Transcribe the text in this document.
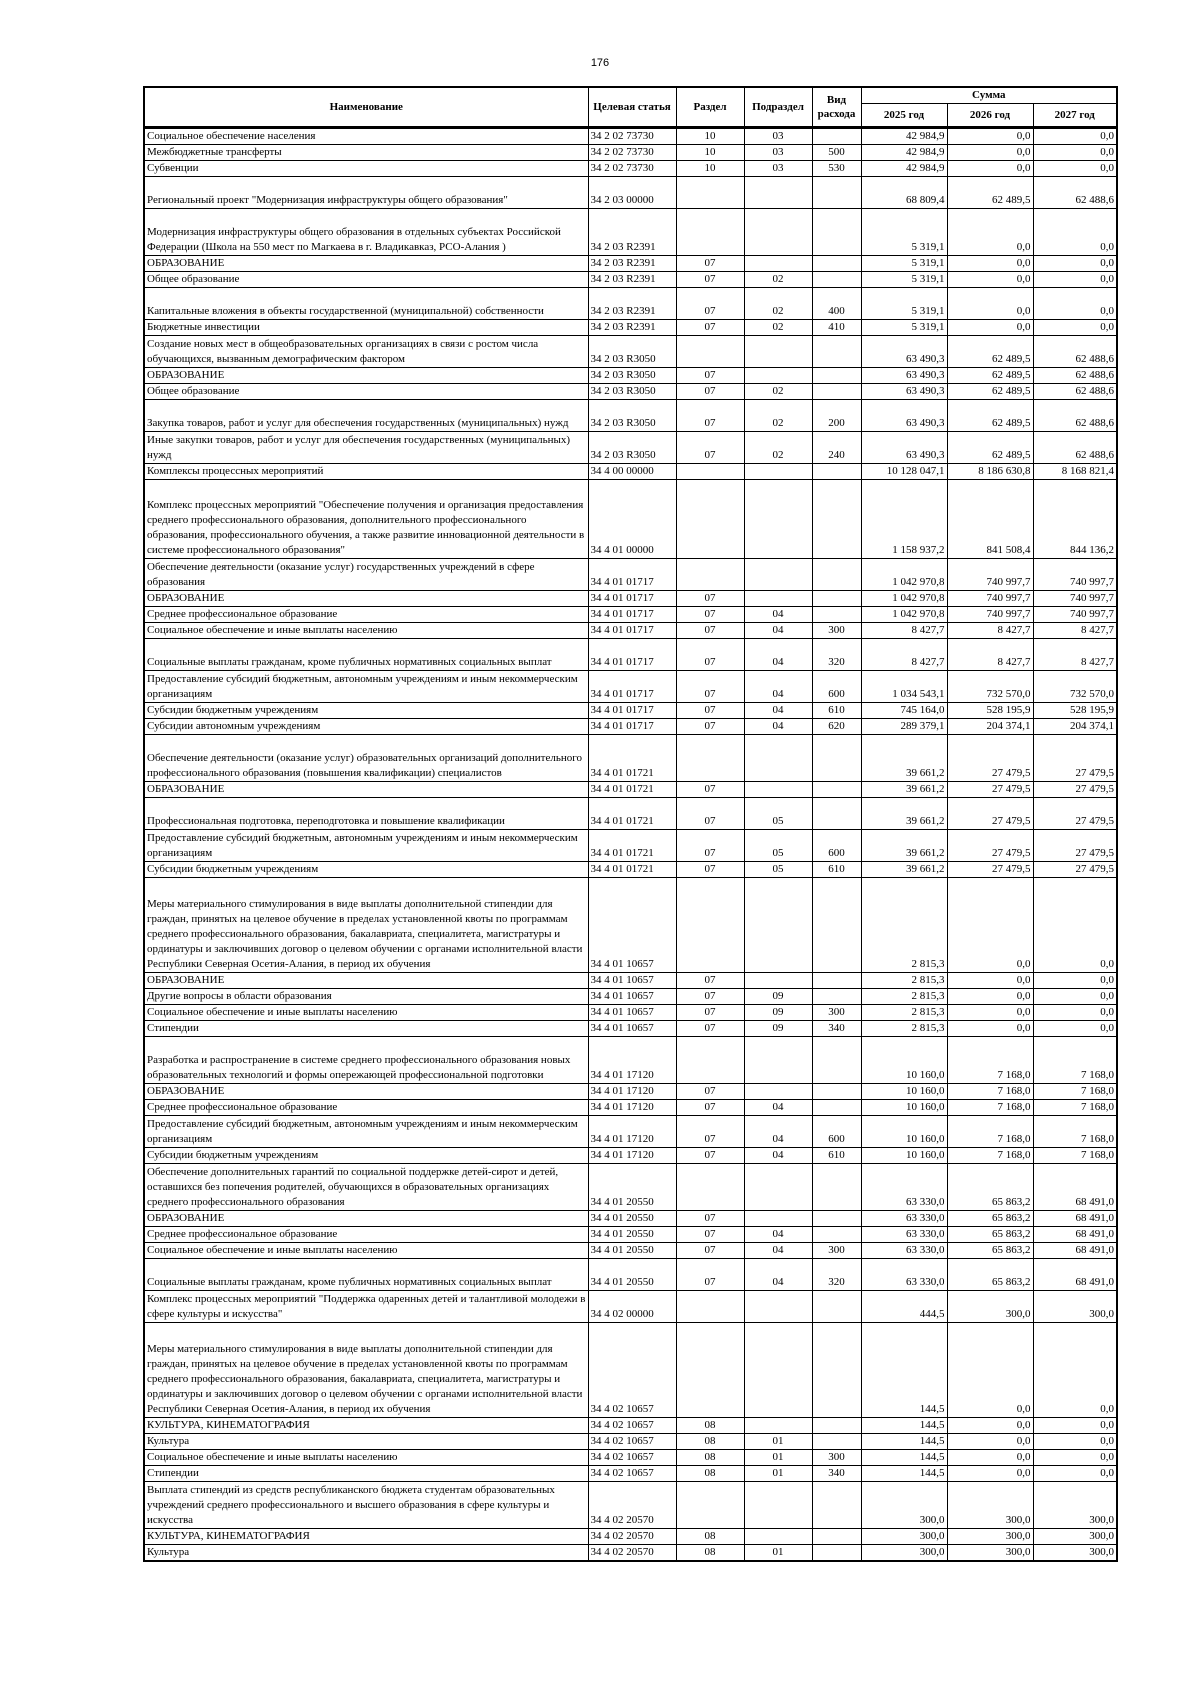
176
Наименование	Целевая статья	Раздел	Подраздел	Вид расхода	Сумма		
					2025 год	2026 год	2027 год
Социальное обеспечение населения	34 2 02 73730	10	03		42 984,9	0,0	0,0
Межбюджетные трансферты	34 2 02 73730	10	03	500	42 984,9	0,0	0,0
Субвенции	34 2 02 73730	10	03	530	42 984,9	0,0	0,0
Региональный проект "Модернизация инфраструктуры общего образования"	34 2 03 00000				68 809,4	62 489,5	62 488,6
Модернизация инфраструктуры общего образования в отдельных субъектах Российской Федерации (Школа на 550 мест по Магкаева в г. Владикавказ, РСО-Алания )	34 2 03 R2391				5 319,1	0,0	0,0
ОБРАЗОВАНИЕ	34 2 03 R2391	07			5 319,1	0,0	0,0
Общее образование	34 2 03 R2391	07	02		5 319,1	0,0	0,0
Капитальные вложения в объекты государственной (муниципальной) собственности	34 2 03 R2391	07	02	400	5 319,1	0,0	0,0
Бюджетные инвестиции	34 2 03 R2391	07	02	410	5 319,1	0,0	0,0
Создание новых мест в общеобразовательных организациях в связи с ростом числа обучающихся, вызванным демографическим фактором	34 2 03 R3050				63 490,3	62 489,5	62 488,6
ОБРАЗОВАНИЕ	34 2 03 R3050	07			63 490,3	62 489,5	62 488,6
Общее образование	34 2 03 R3050	07	02		63 490,3	62 489,5	62 488,6
Закупка товаров, работ и услуг для обеспечения государственных (муниципальных) нужд	34 2 03 R3050	07	02	200	63 490,3	62 489,5	62 488,6
Иные закупки товаров, работ и услуг для обеспечения государственных (муниципальных) нужд	34 2 03 R3050	07	02	240	63 490,3	62 489,5	62 488,6
Комплексы процессных мероприятий	34 4 00 00000				10 128 047,1	8 186 630,8	8 168 821,4
Комплекс процессных мероприятий "Обеспечение получения и организация предоставления среднего профессионального образования, дополнительного профессионального образования, профессионального обучения, а также развитие инновационной деятельности в системе профессионального образования"	34 4 01 00000				1 158 937,2	841 508,4	844 136,2
Обеспечение деятельности (оказание услуг) государственных учреждений в сфере образования	34 4 01 01717				1 042 970,8	740 997,7	740 997,7
ОБРАЗОВАНИЕ	34 4 01 01717	07			1 042 970,8	740 997,7	740 997,7
Среднее профессиональное образование	34 4 01 01717	07	04		1 042 970,8	740 997,7	740 997,7
Социальное обеспечение и иные выплаты населению	34 4 01 01717	07	04	300	8 427,7	8 427,7	8 427,7
Социальные выплаты гражданам, кроме публичных нормативных социальных выплат	34 4 01 01717	07	04	320	8 427,7	8 427,7	8 427,7
Предоставление субсидий бюджетным, автономным учреждениям и иным некоммерческим организациям	34 4 01 01717	07	04	600	1 034 543,1	732 570,0	732 570,0
Субсидии бюджетным учреждениям	34 4 01 01717	07	04	610	745 164,0	528 195,9	528 195,9
Субсидии автономным учреждениям	34 4 01 01717	07	04	620	289 379,1	204 374,1	204 374,1
Обеспечение деятельности (оказание услуг) образовательных организаций дополнительного профессионального образования (повышения квалификации) специалистов	34 4 01 01721				39 661,2	27 479,5	27 479,5
ОБРАЗОВАНИЕ	34 4 01 01721	07			39 661,2	27 479,5	27 479,5
Профессиональная подготовка, переподготовка и повышение квалификации	34 4 01 01721	07	05		39 661,2	27 479,5	27 479,5
Предоставление субсидий бюджетным, автономным учреждениям и иным некоммерческим организациям	34 4 01 01721	07	05	600	39 661,2	27 479,5	27 479,5
Субсидии бюджетным учреждениям	34 4 01 01721	07	05	610	39 661,2	27 479,5	27 479,5
Меры материального стимулирования в виде выплаты дополнительной стипендии для граждан, принятых на целевое обучение в пределах установленной квоты по программам среднего профессионального образования, бакалавриата, специалитета, магистратуры и ординатуры и заключивших договор о целевом обучении с органами исполнительной власти Республики Северная Осетия-Алания, в период их обучения	34 4 01 10657				2 815,3	0,0	0,0
ОБРАЗОВАНИЕ	34 4 01 10657	07			2 815,3	0,0	0,0
Другие вопросы в области образования	34 4 01 10657	07	09		2 815,3	0,0	0,0
Социальное обеспечение и иные выплаты населению	34 4 01 10657	07	09	300	2 815,3	0,0	0,0
Стипендии	34 4 01 10657	07	09	340	2 815,3	0,0	0,0
Разработка и распространение в системе среднего профессионального образования новых образовательных технологий и формы опережающей профессиональной подготовки	34 4 01 17120				10 160,0	7 168,0	7 168,0
ОБРАЗОВАНИЕ	34 4 01 17120	07			10 160,0	7 168,0	7 168,0
Среднее профессиональное образование	34 4 01 17120	07	04		10 160,0	7 168,0	7 168,0
Предоставление субсидий бюджетным, автономным учреждениям и иным некоммерческим организациям	34 4 01 17120	07	04	600	10 160,0	7 168,0	7 168,0
Субсидии бюджетным учреждениям	34 4 01 17120	07	04	610	10 160,0	7 168,0	7 168,0
Обеспечение дополнительных гарантий по социальной поддержке детей-сирот и детей, оставшихся без попечения родителей, обучающихся в образовательных организациях среднего профессионального образования	34 4 01 20550				63 330,0	65 863,2	68 491,0
ОБРАЗОВАНИЕ	34 4 01 20550	07			63 330,0	65 863,2	68 491,0
Среднее профессиональное образование	34 4 01 20550	07	04		63 330,0	65 863,2	68 491,0
Социальное обеспечение и иные выплаты населению	34 4 01 20550	07	04	300	63 330,0	65 863,2	68 491,0
Социальные выплаты гражданам, кроме публичных нормативных социальных выплат	34 4 01 20550	07	04	320	63 330,0	65 863,2	68 491,0
Комплекс процессных мероприятий "Поддержка одаренных детей и талантливой молодежи в сфере культуры и искусства"	34 4 02 00000				444,5	300,0	300,0
Меры материального стимулирования в виде выплаты дополнительной стипендии для граждан, принятых на целевое обучение в пределах установленной квоты по программам среднего профессионального образования, бакалавриата, специалитета, магистратуры и ординатуры и заключивших договор о целевом обучении с органами исполнительной власти Республики Северная Осетия-Алания, в период их обучения	34 4 02 10657				144,5	0,0	0,0
КУЛЬТУРА, КИНЕМАТОГРАФИЯ	34 4 02 10657	08			144,5	0,0	0,0
Культура	34 4 02 10657	08	01		144,5	0,0	0,0
Социальное обеспечение и иные выплаты населению	34 4 02 10657	08	01	300	144,5	0,0	0,0
Стипендии	34 4 02 10657	08	01	340	144,5	0,0	0,0
Выплата стипендий из средств республиканского бюджета студентам образовательных учреждений среднего профессионального и высшего образования в сфере культуры и искусства	34 4 02 20570				300,0	300,0	300,0
КУЛЬТУРА, КИНЕМАТОГРАФИЯ	34 4 02 20570	08			300,0	300,0	300,0
Культура	34 4 02 20570	08	01		300,0	300,0	300,0
